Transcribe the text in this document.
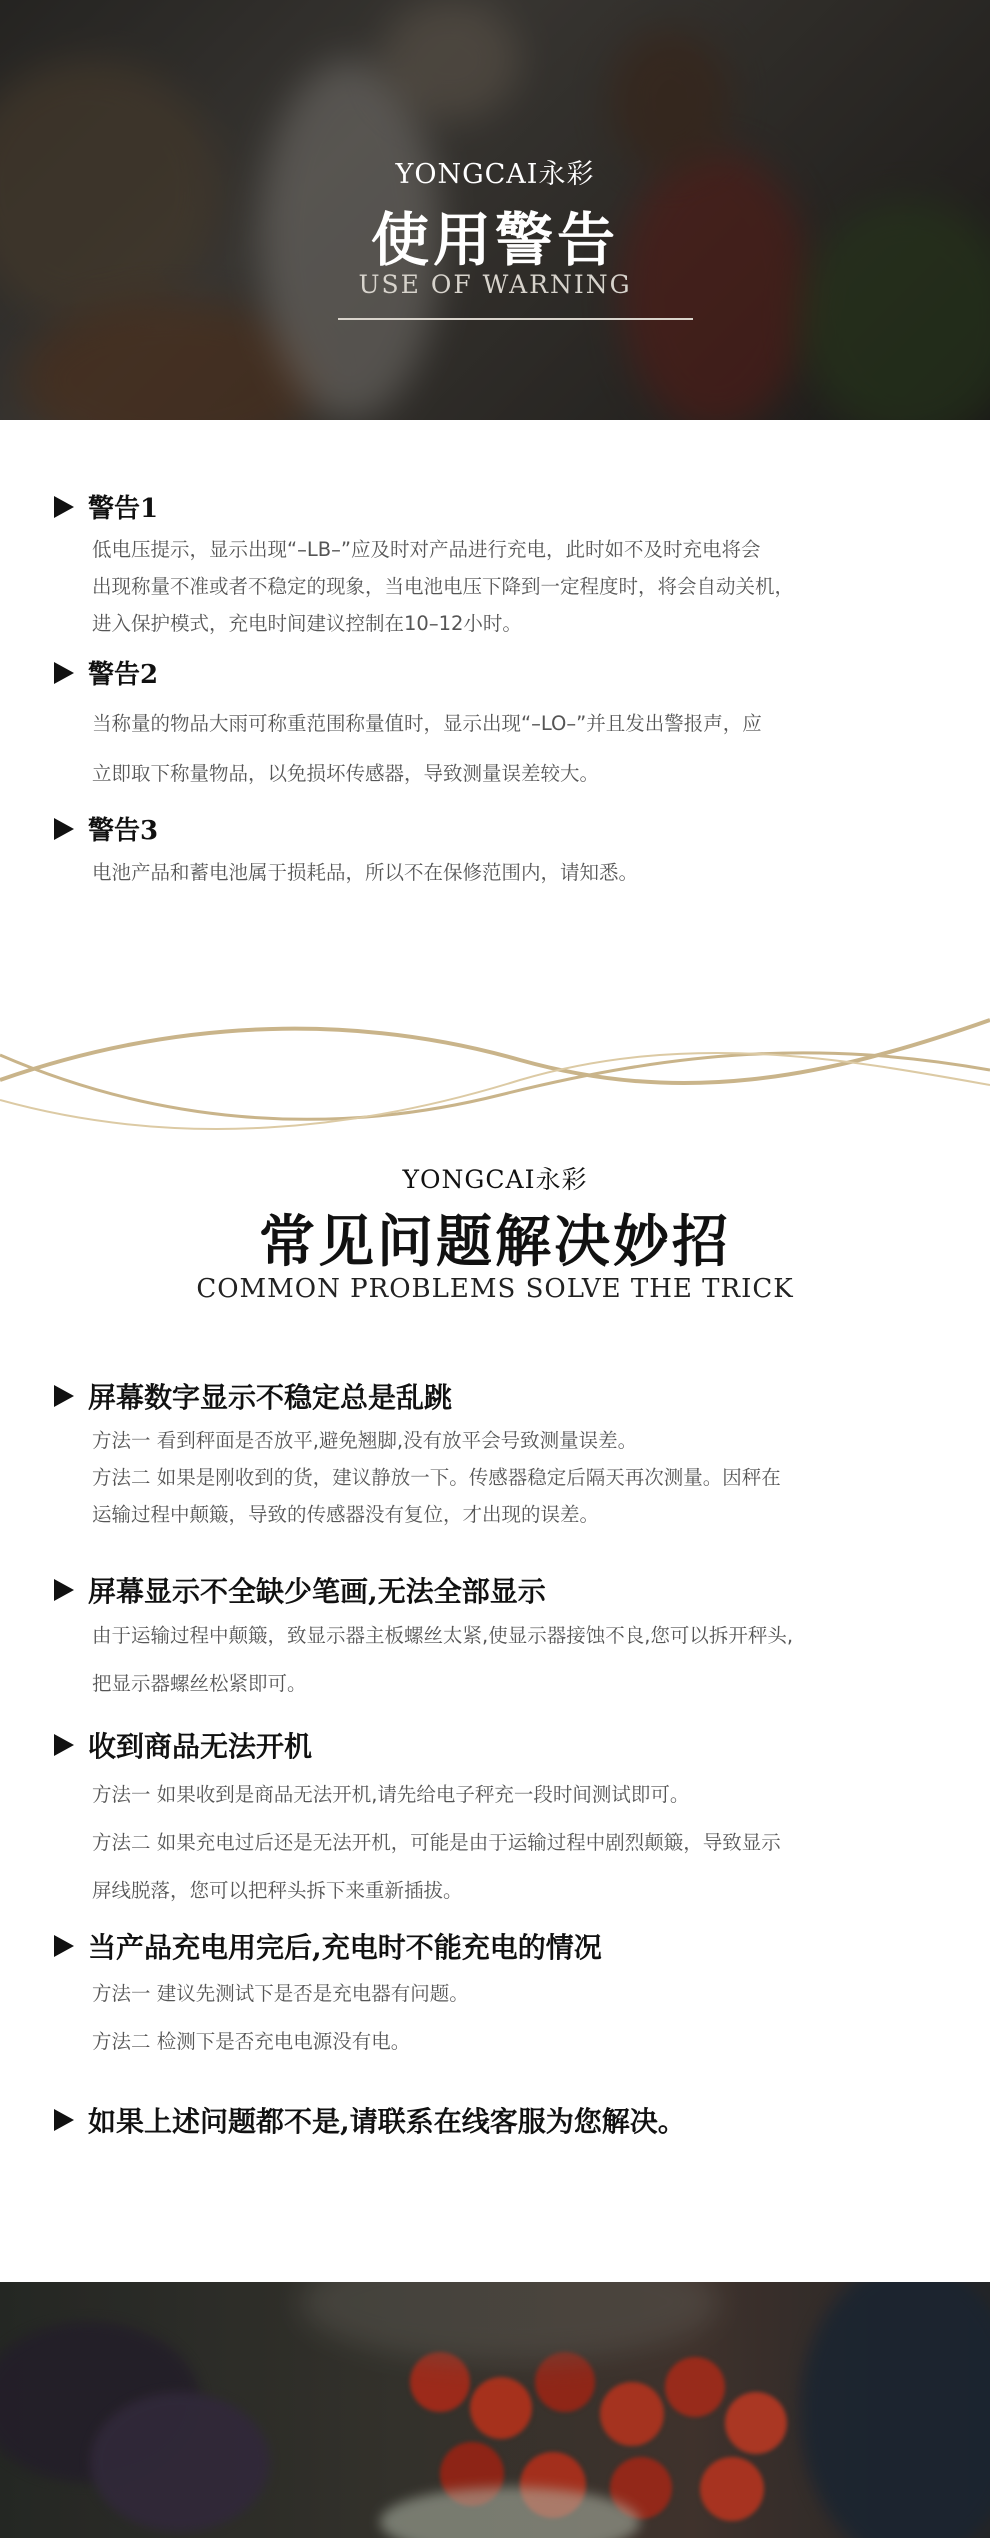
YONGCAI永彩
使用警告
USE OF WARNING
警告1
低电压提示，显示出现“–LB–”应及时对产品进行充电，此时如不及时充电将会
出现称量不准或者不稳定的现象，当电池电压下降到一定程度时，将会自动关机，
进入保护模式，充电时间建议控制在10–12小时。
警告2
当称量的物品大雨可称重范围称量值时，显示出现“–LO–”并且发出警报声，应
立即取下称量物品，以免损坏传感器，导致测量误差较大。
警告3
电池产品和蓄电池属于损耗品，所以不在保修范围内，请知悉。
YONGCAI永彩
常见问题解决妙招
COMMON PROBLEMS SOLVE THE TRICK
屏幕数字显示不稳定总是乱跳
方法一 看到秤面是否放平,避免翘脚,没有放平会号致测量误差。
方法二 如果是刚收到的货，建议静放一下。传感器稳定后隔天再次测量。因秤在
运输过程中颠簸，导致的传感器没有复位，才出现的误差。
屏幕显示不全缺少笔画,无法全部显示
由于运输过程中颠簸，致显示器主板螺丝太紧,使显示器接蚀不良,您可以拆开秤头,
把显示器螺丝松紧即可。
收到商品无法开机
方法一 如果收到是商品无法开机,请先给电子秤充一段时间测试即可。
方法二 如果充电过后还是无法开机，可能是由于运输过程中剧烈颠簸，导致显示
屏线脱落，您可以把秤头拆下来重新插拔。
当产品充电用完后,充电时不能充电的情况
方法一 建议先测试下是否是充电器有问题。
方法二 检测下是否充电电源没有电。
如果上述问题都不是,请联系在线客服为您解决。
